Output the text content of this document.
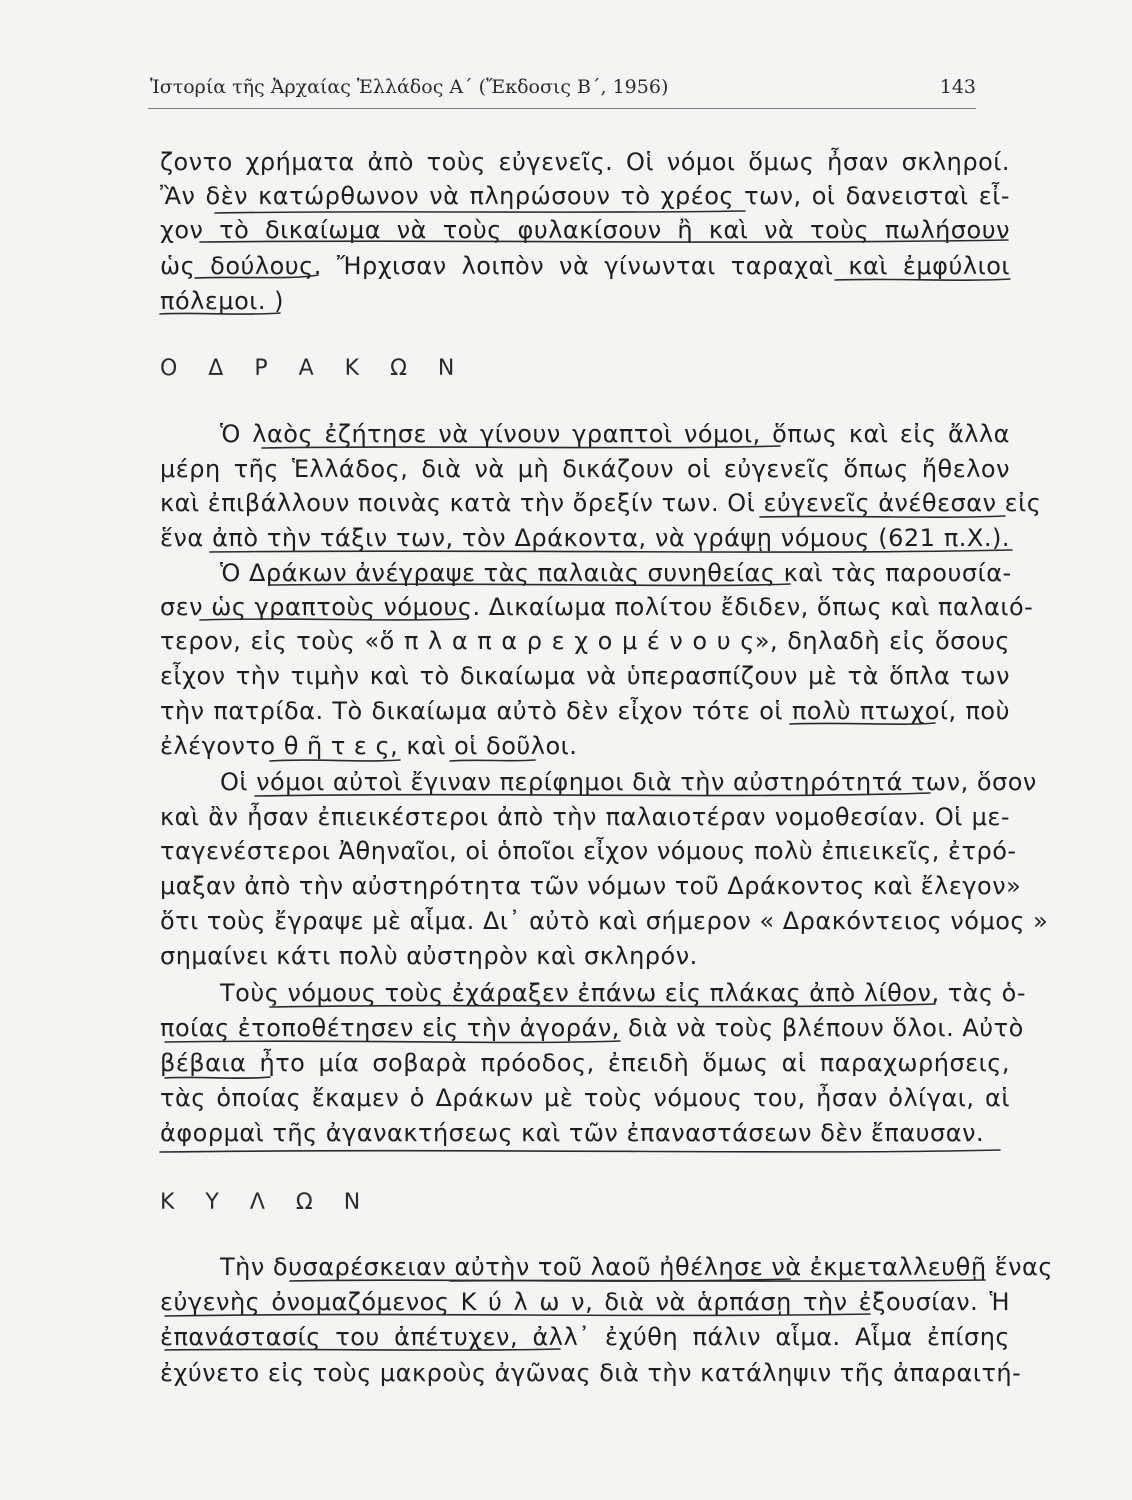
Ἱστορία τῆς Ἀρχαίας Ἑλλάδος Α΄ (Ἔκδοσις Β΄, 1956)	143
ζοντο χρήματα ἀπὸ τοὺς εὐγενεῖς. Οἱ νόμοι ὅμως ἦσαν σκληροί.
Ἂν δὲν κατώρθωνον νὰ πληρώσουν τὸ χρέος των, οἱ δανεισταὶ εἶ-
χον τὸ δικαίωμα νὰ τοὺς φυλακίσουν ἢ καὶ νὰ τοὺς πωλήσουν
ὡς δούλους. Ἤρχισαν λοιπὸν νὰ γίνωνται ταραχαὶ καὶ ἐμφύλιοι
πόλεμοι. )
Ο Δ Ρ Α Κ Ω Ν
Ὁ λαὸς ἐζήτησε νὰ γίνουν γραπτοὶ νόμοι, ὅπως καὶ εἰς ἄλλα
μέρη τῆς Ἑλλάδος, διὰ νὰ μὴ δικάζουν οἱ εὐγενεῖς ὅπως ἤθελον
καὶ ἐπιβάλλουν ποινὰς κατὰ τὴν ὄρεξίν των. Οἱ εὐγενεῖς ἀνέθεσαν εἰς
ἕνα ἀπὸ τὴν τάξιν των, τὸν Δράκοντα, νὰ γράψῃ νόμους (621 π.Χ.).
Ὁ Δράκων ἀνέγραψε τὰς παλαιὰς συνηθείας καὶ τὰς παρουσία-
σεν ὡς γραπτοὺς νόμους. Δικαίωμα πολίτου ἔδιδεν, ὅπως καὶ παλαιό-
τερον, εἰς τοὺς «ὅ π λ α π α ρ ε χ ο μ έ ν ο υ ς», δηλαδὴ εἰς ὅσους
εἶχον τὴν τιμὴν καὶ τὸ δικαίωμα νὰ ὑπερασπίζουν μὲ τὰ ὅπλα των
τὴν πατρίδα. Τὸ δικαίωμα αὐτὸ δὲν εἶχον τότε οἱ πολὺ πτωχοί, ποὺ
ἐλέγοντο θ ῆ τ ε ς, καὶ οἱ δοῦλοι.
Οἱ νόμοι αὐτοὶ ἔγιναν περίφημοι διὰ τὴν αὐστηρότητά των, ὅσον
καὶ ἂν ἦσαν ἐπιεικέστεροι ἀπὸ τὴν παλαιοτέραν νομοθεσίαν. Οἱ με-
ταγενέστεροι Ἀθηναῖοι, οἱ ὁποῖοι εἶχον νόμους πολὺ ἐπιεικεῖς, ἐτρό-
μαξαν ἀπὸ τὴν αὐστηρότητα τῶν νόμων τοῦ Δράκοντος καὶ ἔλεγον»
ὅτι τοὺς ἔγραψε μὲ αἷμα. Δι᾽ αὐτὸ καὶ σήμερον « Δρακόντειος νόμος »
σημαίνει κάτι πολὺ αὐστηρὸν καὶ σκληρόν.
Τοὺς νόμους τοὺς ἐχάραξεν ἐπάνω εἰς πλάκας ἀπὸ λίθον, τὰς ὁ-
ποίας ἐτοποθέτησεν εἰς τὴν ἀγοράν, διὰ νὰ τοὺς βλέπουν ὅλοι. Αὐτὸ
βέβαια ἦτο μία σοβαρὰ πρόοδος, ἐπειδὴ ὅμως αἱ παραχωρήσεις,
τὰς ὁποίας ἔκαμεν ὁ Δράκων μὲ τοὺς νόμους του, ἦσαν ὀλίγαι, αἱ
ἀφορμαὶ τῆς ἀγανακτήσεως καὶ τῶν ἐπαναστάσεων δὲν ἔπαυσαν.
Κ Υ Λ Ω Ν
Τὴν δυσαρέσκειαν αὐτὴν τοῦ λαοῦ ἠθέλησε νὰ ἐκμεταλλευθῇ ἕνας
εὐγενὴς ὀνομαζόμενος Κ ύ λ ω ν, διὰ νὰ ἁρπάσῃ τὴν ἐξουσίαν. Ἡ
ἐπανάστασίς του ἀπέτυχεν, ἀλλ᾽ ἐχύθη πάλιν αἷμα. Αἷμα ἐπίσης
ἐχύνετο εἰς τοὺς μακροὺς ἀγῶνας διὰ τὴν κατάληψιν τῆς ἀπαραιτή-
